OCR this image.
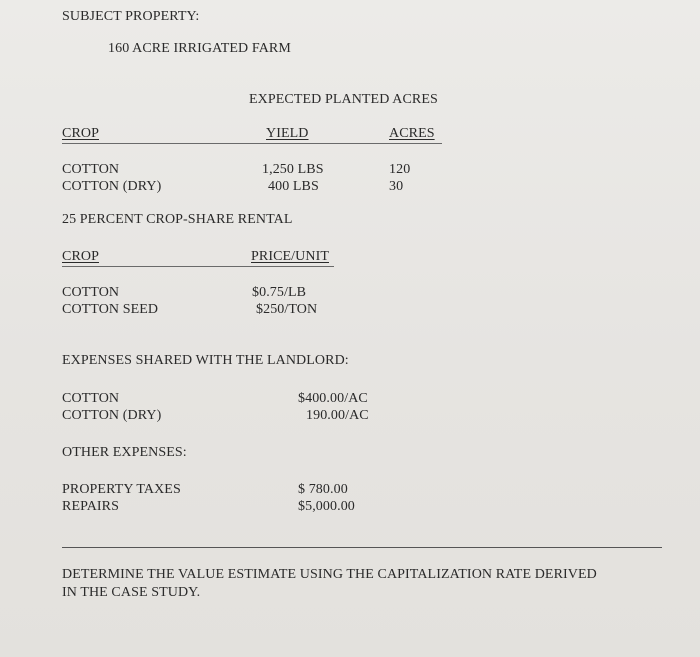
SUBJECT PROPERTY:
160 ACRE IRRIGATED FARM
EXPECTED PLANTED ACRES
CROP	YIELD	ACRES
COTTON	1,250 LBS	120
COTTON (DRY)	400 LBS	30
25 PERCENT CROP-SHARE RENTAL
CROP	PRICE/UNIT
COTTON	$0.75/LB
COTTON SEED	$250/TON
EXPENSES SHARED WITH THE LANDLORD:
COTTON	$400.00/AC
COTTON (DRY)	190.00/AC
OTHER EXPENSES:
PROPERTY TAXES	$ 780.00
REPAIRS	$5,000.00
DETERMINE THE VALUE ESTIMATE USING THE CAPITALIZATION RATE DERIVED
IN THE CASE STUDY.
